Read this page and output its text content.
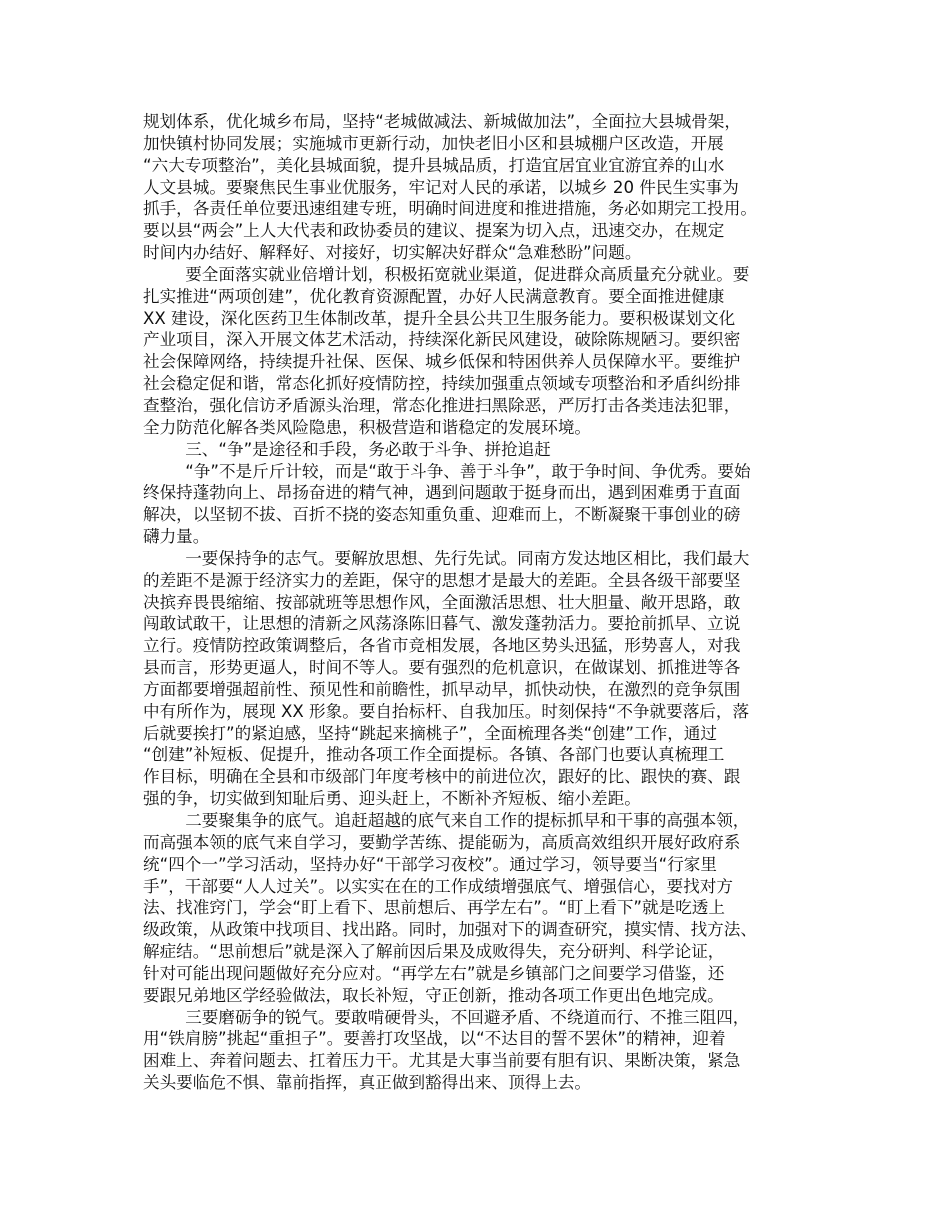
规划体系，优化城乡布局，坚持“老城做减法、新城做加法”，全面拉大县城骨架，
加快镇村协同发展；实施城市更新行动，加快老旧小区和县城棚户区改造，开展
“六大专项整治”，美化县城面貌，提升县城品质，打造宜居宜业宜游宜养的山水
人文县城。要聚焦民生事业优服务，牢记对人民的承诺，以城乡 20 件民生实事为
抓手，各责任单位要迅速组建专班，明确时间进度和推进措施，务必如期完工投用。
要以县“两会”上人大代表和政协委员的建议、提案为切入点，迅速交办，在规定
时间内办结好、解释好、对接好，切实解决好群众“急难愁盼”问题。
要全面落实就业倍增计划，积极拓宽就业渠道，促进群众高质量充分就业。要
扎实推进“两项创建”，优化教育资源配置，办好人民满意教育。要全面推进健康
XX 建设，深化医药卫生体制改革，提升全县公共卫生服务能力。要积极谋划文化
产业项目，深入开展文体艺术活动，持续深化新民风建设，破除陈规陋习。要织密
社会保障网络，持续提升社保、医保、城乡低保和特困供养人员保障水平。要维护
社会稳定促和谐，常态化抓好疫情防控，持续加强重点领域专项整治和矛盾纠纷排
查整治，强化信访矛盾源头治理，常态化推进扫黑除恶，严厉打击各类违法犯罪，
全力防范化解各类风险隐患，积极营造和谐稳定的发展环境。
三、“争”是途径和手段，务必敢于斗争、拼抢追赶
“争”不是斤斤计较，而是“敢于斗争、善于斗争”，敢于争时间、争优秀。要始
终保持蓬勃向上、昂扬奋进的精气神，遇到问题敢于挺身而出，遇到困难勇于直面
解决，以坚韧不拔、百折不挠的姿态知重负重、迎难而上，不断凝聚干事创业的磅
礴力量。
一要保持争的志气。要解放思想、先行先试。同南方发达地区相比，我们最大
的差距不是源于经济实力的差距，保守的思想才是最大的差距。全县各级干部要坚
决摈弃畏畏缩缩、按部就班等思想作风，全面激活思想、壮大胆量、敞开思路，敢
闯敢试敢干，让思想的清新之风荡涤陈旧暮气、激发蓬勃活力。要抢前抓早、立说
立行。疫情防控政策调整后，各省市竞相发展，各地区势头迅猛，形势喜人，对我
县而言，形势更逼人，时间不等人。要有强烈的危机意识，在做谋划、抓推进等各
方面都要增强超前性、预见性和前瞻性，抓早动早，抓快动快，在激烈的竞争氛围
中有所作为，展现 XX 形象。要自抬标杆、自我加压。时刻保持“不争就要落后，落
后就要挨打”的紧迫感，坚持“跳起来摘桃子”，全面梳理各类“创建”工作，通过
“创建”补短板、促提升，推动各项工作全面提标。各镇、各部门也要认真梳理工
作目标，明确在全县和市级部门年度考核中的前进位次，跟好的比、跟快的赛、跟
强的争，切实做到知耻后勇、迎头赶上，不断补齐短板、缩小差距。
二要聚集争的底气。追赶超越的底气来自工作的提标抓早和干事的高强本领，
而高强本领的底气来自学习，要勤学苦练、提能砺为，高质高效组织开展好政府系
统“四个一”学习活动，坚持办好“干部学习夜校”。通过学习，领导要当“行家里
手”，干部要“人人过关”。以实实在在的工作成绩增强底气、增强信心，要找对方
法、找准窍门，学会“盯上看下、思前想后、再学左右”。“盯上看下”就是吃透上
级政策，从政策中找项目、找出路。同时，加强对下的调查研究，摸实情、找方法、
解症结。“思前想后”就是深入了解前因后果及成败得失，充分研判、科学论证，
针对可能出现问题做好充分应对。“再学左右”就是乡镇部门之间要学习借鉴，还
要跟兄弟地区学经验做法，取长补短，守正创新，推动各项工作更出色地完成。
三要磨砺争的锐气。要敢啃硬骨头，不回避矛盾、不绕道而行、不推三阻四，
用“铁肩膀”挑起“重担子”。要善打攻坚战，以“不达目的誓不罢休”的精神，迎着
困难上、奔着问题去、扛着压力干。尤其是大事当前要有胆有识、果断决策，紧急
关头要临危不惧、靠前指挥，真正做到豁得出来、顶得上去。
